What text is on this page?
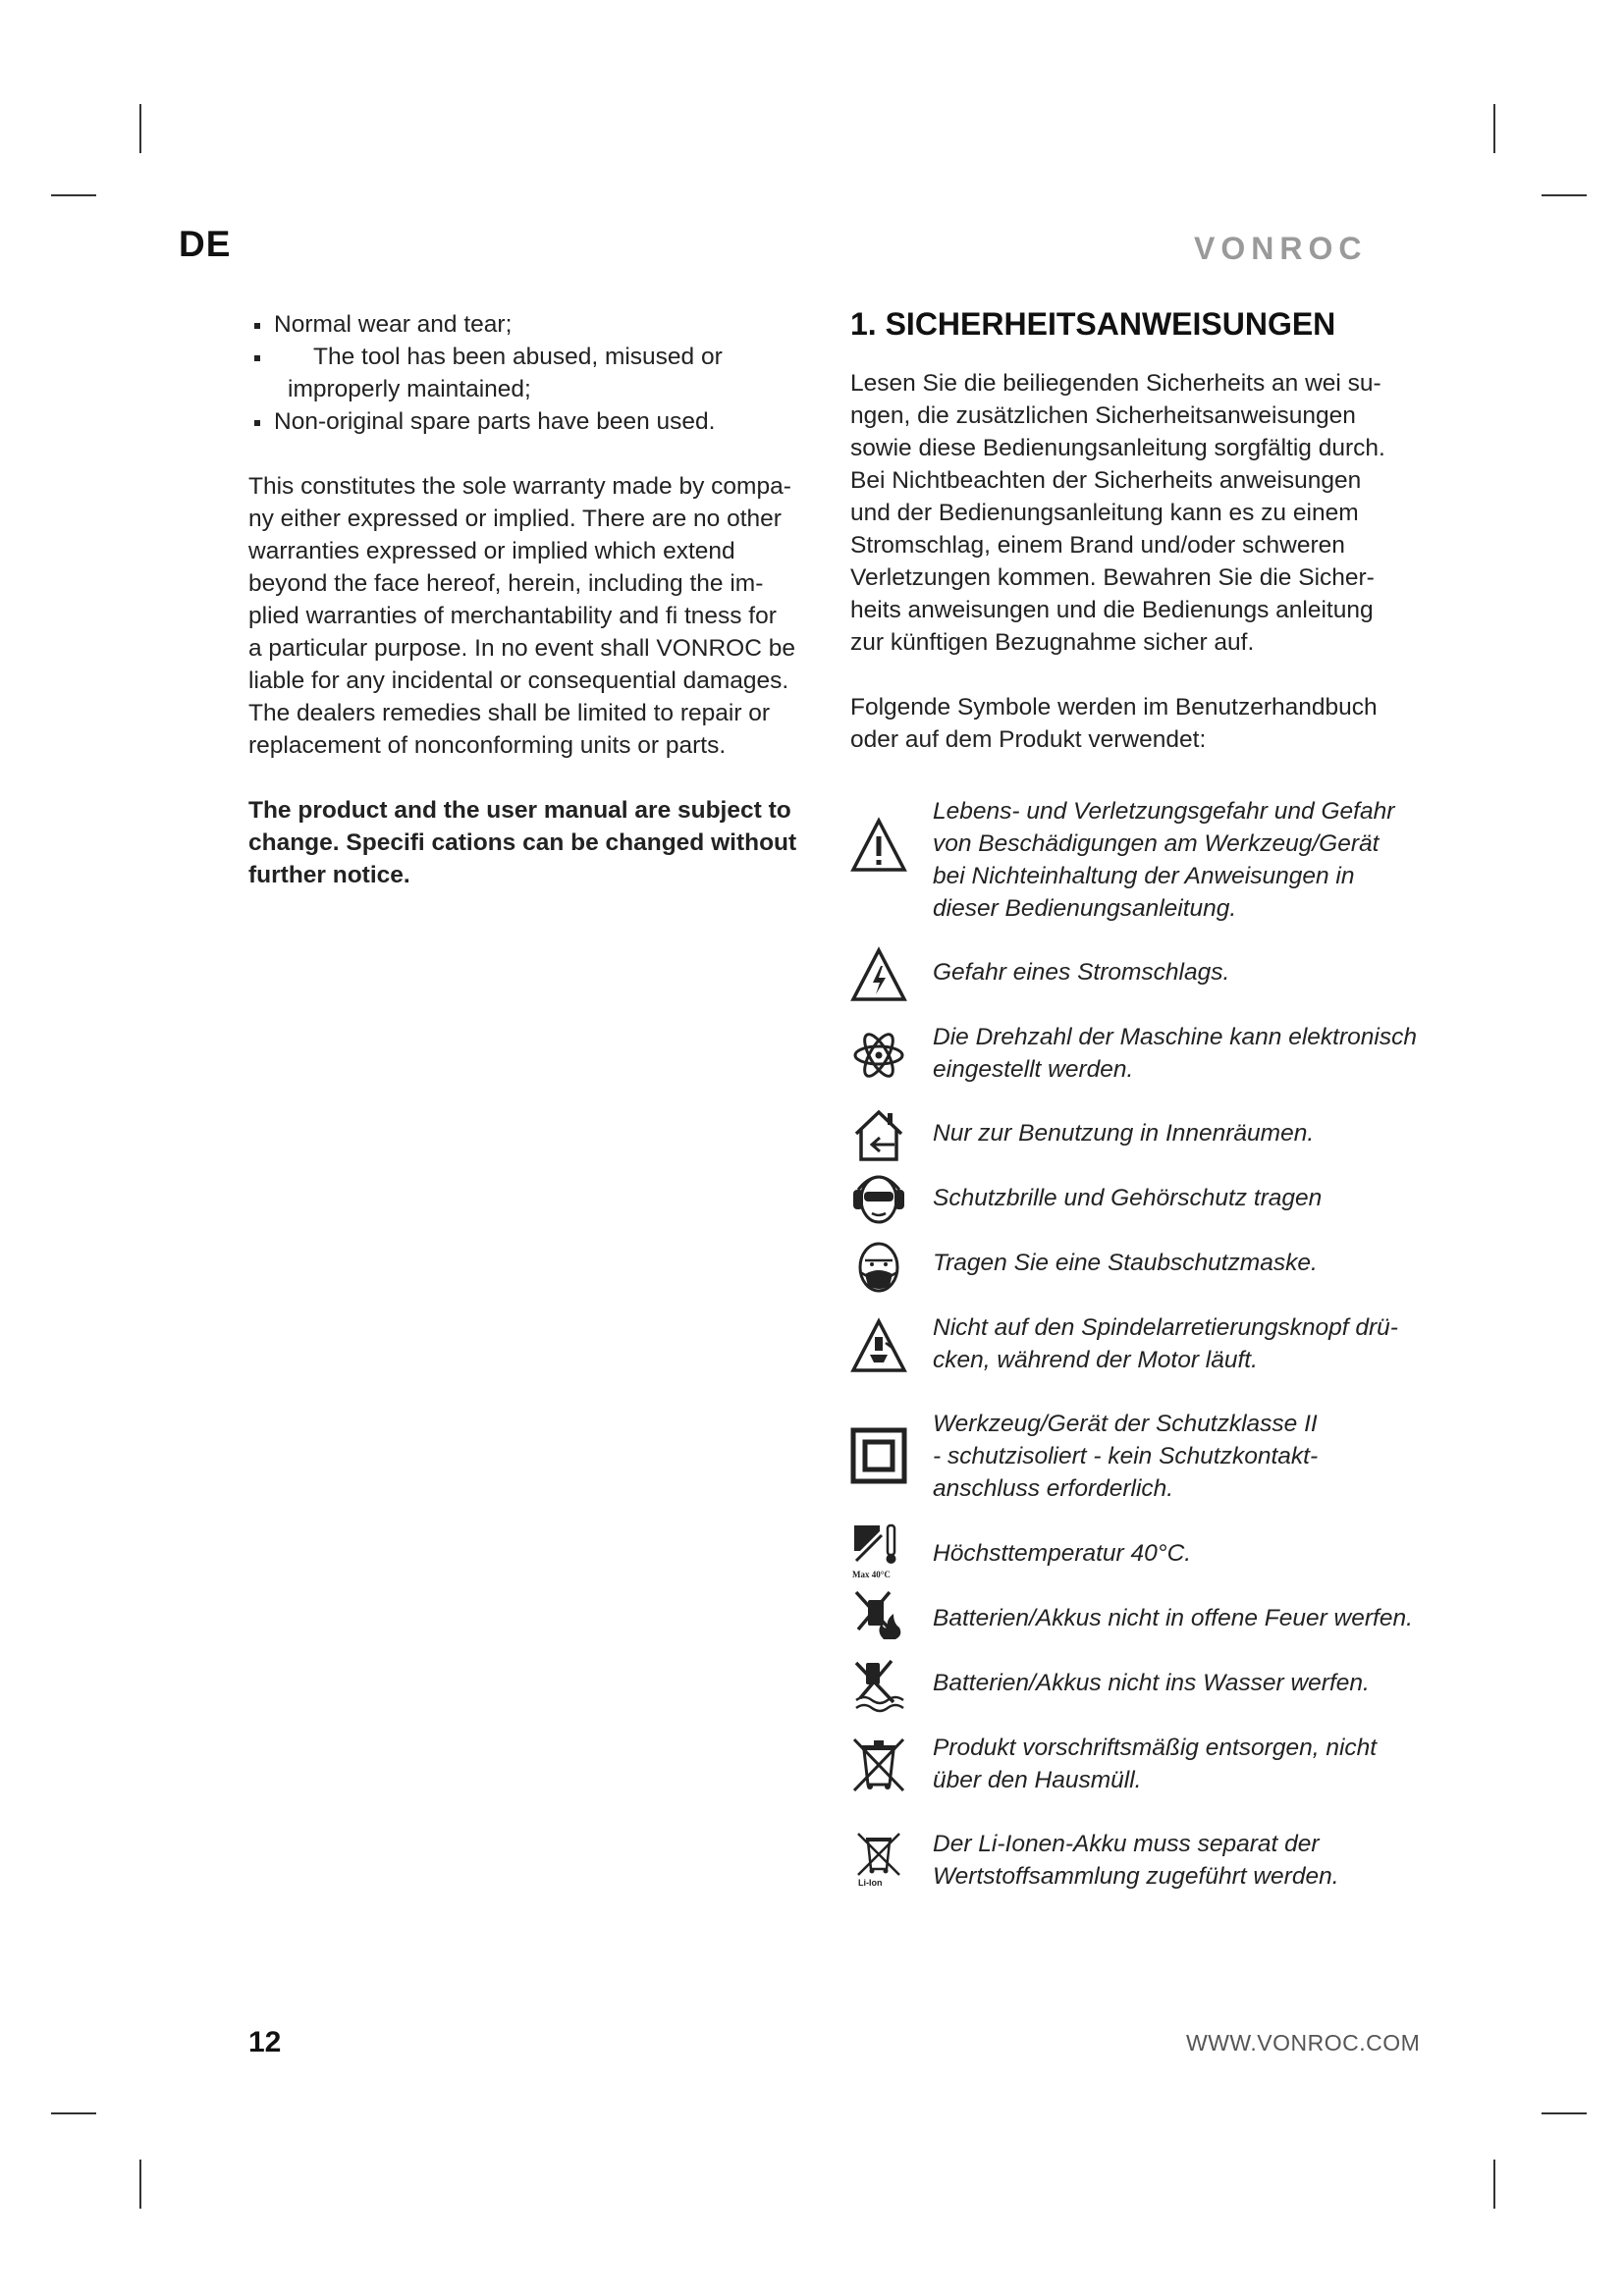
DE	VONROC
Normal wear and tear;
The tool has been abused, misused or
improperly maintained;
Non-original spare parts have been used.

This constitutes the sole warranty made by compa-
ny either expressed or implied. There are no other
warranties expressed or implied which extend
beyond the face hereof, herein, including the im-
plied warranties of merchantability and fi tness for
a particular purpose. In no event shall VONROC be
liable for any incidental or consequential damages.
The dealers remedies shall be limited to repair or
replacement of nonconforming units or parts.

The product and the user manual are subject to
change. Specifi cations can be changed without
further notice.

1. SICHERHEITSANWEISUNGEN

Lesen Sie die beiliegenden Sicherheits an wei su-
ngen, die zusätzlichen Sicherheitsanweisungen
sowie diese Bedienungsanleitung sorgfältig durch.
Bei Nichtbeachten der Sicherheits anweisungen
und der Bedienungsanleitung kann es zu einem
Stromschlag, einem Brand und/oder schweren
Verletzungen kommen. Bewahren Sie die Sicher-
heits anweisungen und die Bedienungs anleitung
zur künftigen Bezugnahme sicher auf.

Folgende Symbole werden im Benutzerhandbuch
oder auf dem Produkt verwendet:

Lebens- und Verletzungsgefahr und Gefahr
von Beschädigungen am Werkzeug/Gerät
bei Nichteinhaltung der Anweisungen in
dieser Bedienungsanleitung.
Gefahr eines Stromschlags.
Die Drehzahl der Maschine kann elektronisch
eingestellt werden.
Nur zur Benutzung in Innenräumen.
Schutzbrille und Gehörschutz tragen
Tragen Sie eine Staubschutzmaske.
Nicht auf den Spindelarretierungsknopf drü-
cken, während der Motor läuft.
Werkzeug/Gerät der Schutzklasse II
- schutzisoliert - kein Schutzkontakt-
anschluss erforderlich.
Max 40°C
Höchsttemperatur 40°C.
Batterien/Akkus nicht in offene Feuer werfen.
Batterien/Akkus nicht ins Wasser werfen.
Produkt vorschriftsmäßig entsorgen, nicht
über den Hausmüll.
Li-Ion
Der Li-Ionen-Akku muss separat der
Wertstoffsammlung zugeführt werden.
12	WWW.VONROC.COM
